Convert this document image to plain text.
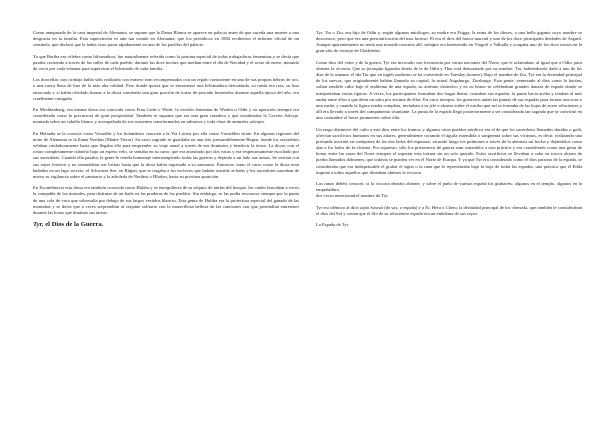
Como antepasada de la casa imperial de Alemania, se supone que la Dama Blanca se aparece en palacio antes de que suceda una muerte o una desgracia en la familia. Esta superstición es aún tan común en Alemania, que los periódicos en 1884 recibieron el informe oficial de un centinela, que declaró que la había visto pasar rápidamente en uno de los pasillos del palacio.

Ya que Bertha era célebre como hilvanadora, fue naturalmente referida como la patrona especial de todas trabajadoras femeninas y se decía que pasaba corriendo a través de las calles de cada pueblo, durante las doce noches que median entre el día de Navidad y el sexto de enero, mirando de cerca por cada ventana para supervisar el hilvanado de cada familia.

Las doncellas cuyo trabajo había sido realizado con esmero eran recompensadas con un regalo consistente en una de sus propias hebras de oro, o una rueca llena de lino de la más alta calidad. Pero donde quiera que se encontrase una hilvanadora descuidada, su rueda era rota, su lino ensuciado y si había olvidado honrar a la diosa comiendo una gran porción de tortas de pescado horneados durante aquella época del año, era cruelmente castigada.

En Mecklenburg, esa misma diosa era conocida como Frau Gode o Wode, la versión femenina de Woden u Odín y su aparición siempre era considerada como la precursora de gran prosperidad. También se suponía que era una gran cazadora y que encabezaba la Cacería Salvaje, montada sobre un caballo blanco y acompañada de sus asistentes transformados en sabuesos y toda clase de animales salvajes.

En Holanda se la conocía como Vrouelde y los holandeses conocen a la Via Láctea por ella como Vrouelden strate. En algunas regiones del norte de Alemania se la llama Nerthus (Madre Tierra). Su carro sagrado se guardaba en una isla, presumiblemente Rügen, donde los sacerdotes velaban cuidadosamente hasta que llegaba ella para emprender su viaje anual a través de sus dominios y bendecir la tierra. La diosa, con el rostro completamente cubierto bajo un espeso velo, se sentaba en su carro, que era arrastrado por dos vacas y era respetuosamente escoltado por sus sacerdotes. Cuando ella pasaba, la gente le rendía homenaje interrumpiendo todas las guerras y dejando a un lado sus armas. Se vestían con sus trajes festivos y no reanudaban sus luchas hasta que la diosa había regresado a su santuario. Entonces, tanto el carro como la diosa eran bañados en un lago secreto, el Schwarze See, en Rügen, que se tragaba a los esclavos que habían asistido al baño y los sacerdotes narraban de nuevo su vigilancia sobre el santuario y la arboleda de Nerthus o Hludyn, hasta su próxima aparición.

En Escandinavia esta diosa era también conocida como Huldra y se enorgullecía de su séquito de ninfas del bosque, las cuales buscaban a veces la compañía de los mortales, para disfrutar de un baile en las praderas de los pueblos. Sin embargo, se las podía reconocer siempre por la punta de una cola de vaca que sobresalía por debajo de sus largos vestidos blancos. Esta gente de Huldra era la protectora especial del ganado de las montañas y se decía que a veces sorprendían al viajante solitario con la maravillosa belleza de las canciones con que pretendían entretener durante las horas que duraban sus tareas.

Tyr, el Dios de la Guerra.

Tyr, Tiu o Ziu, era hijo de Odín y, según algunos mitólogos, su madre era Frigga, la reina de los dioses, o una bella gigante cuyo nombre se desconoce, pero que era una personificación del mar furioso. El era el dios del honor marcial y uno de los doce principales deidades de Asgard. Aunque aparentemente no tenía una morada concreta allí, siempre era bienvenido en Vingolf o Valhalla y ocupaba uno de los doce tronos en la gran sala de consejo de Gladsheim.

Como dios del valor y de la guerra, Tyr era invocado con frecuencia por varias naciones del Norte, que le aclamaban, al igual que a Odín, para obtener la victoria. Que su jerarquía figuraba detrás de la de Odín y Thor está demostrado por su nombre, Tiu, habiéndosele dado a uno de los días de la semana, el día Tiu que en inglés moderno se ha convertido en Tuesday (martes). Bajo el nombre de Ziu, Tyr era la divinidad principal de los suevos, que originalmente habían llamado su capital, la actual Augsburgo, Ziusburgo. Esta gente, venerando al dios como lo hacían, solían rendirle culto bajo el emblema de una espada, su atributo distintivo y en su honor se celebraban grandes danzas de espada donde se interpretaban varias figuras. A veces, los participantes formaban dos largas líneas, cruzaban sus espadas, la punta hacia arriba y retaban al más audaz entre ellos a que diera un salto por encima de ellas. En otros tiempos, los guerreros unían las puntas de sus espadas para formar una rosa o una rueda, y cuando la figura estaba completa, invitaban a su jefe a alzarse sobre el estribo que así se formaba de las hojas de acero relucientes y allí era llevado a través del campamento triunfante. La punta de la espada llegó posteriormente a ser considerada tan sagrada que se convirtió en una costumbre el hacer juramentos sobre ella.

Un rasgo distintivo del culto a este dios entre los francos y algunos otros pueblos nórdicos era el de que los sacerdotes llamados druidas o godi, ofrecían sacrificios humanos en sus altares, generalmente cortando el águila extendida o sangrienta sobre sus víctimas, es decir, realizando una profunda incisión en cualquiera de los dos lados del espinazo, sacando luego los pulmones a través de la abertura así hecha y dejándolos como alas a los lados de la víctima. Por supuesto, sólo los prisioneros de guerra eran sometidos a esta práctica y era considerado como una gesta de honor entre las razas del Norte europeo el soportar esta tortura sin un solo quejido. Estos sacrificios se llevaban a cabo en toscos altares de piedra llamados dolmenes, que todavía se pueden ver en el Norte de Europa. Y ya que Tyr era considerado como el dios patrono de la espada, se consideraba que era indispensable el grabar el signo o la runa que le representaba bajo la hoja de todas las espadas, una práctica que el Edda impone a todos aquellos que deseaban obtener la victoria.

Las runas debéis conocer, si la victoria deseáis obtener, y sobre el puño de vuestra espada los grabaréis; algunos en el templo, algunos en la empuñadura,

dos veces mencionad el nombre de Tyr.

Tyr era idéntico al dios sajón Saxnot (de sax, o espada) y a Er, Heru o Cheru, la divinidad principal de los cheruski, que también le consideraban el dios del Sol y creían que el filo de su relucientre espada era un emblema de sus rayos.

La Espada de Tyr.
